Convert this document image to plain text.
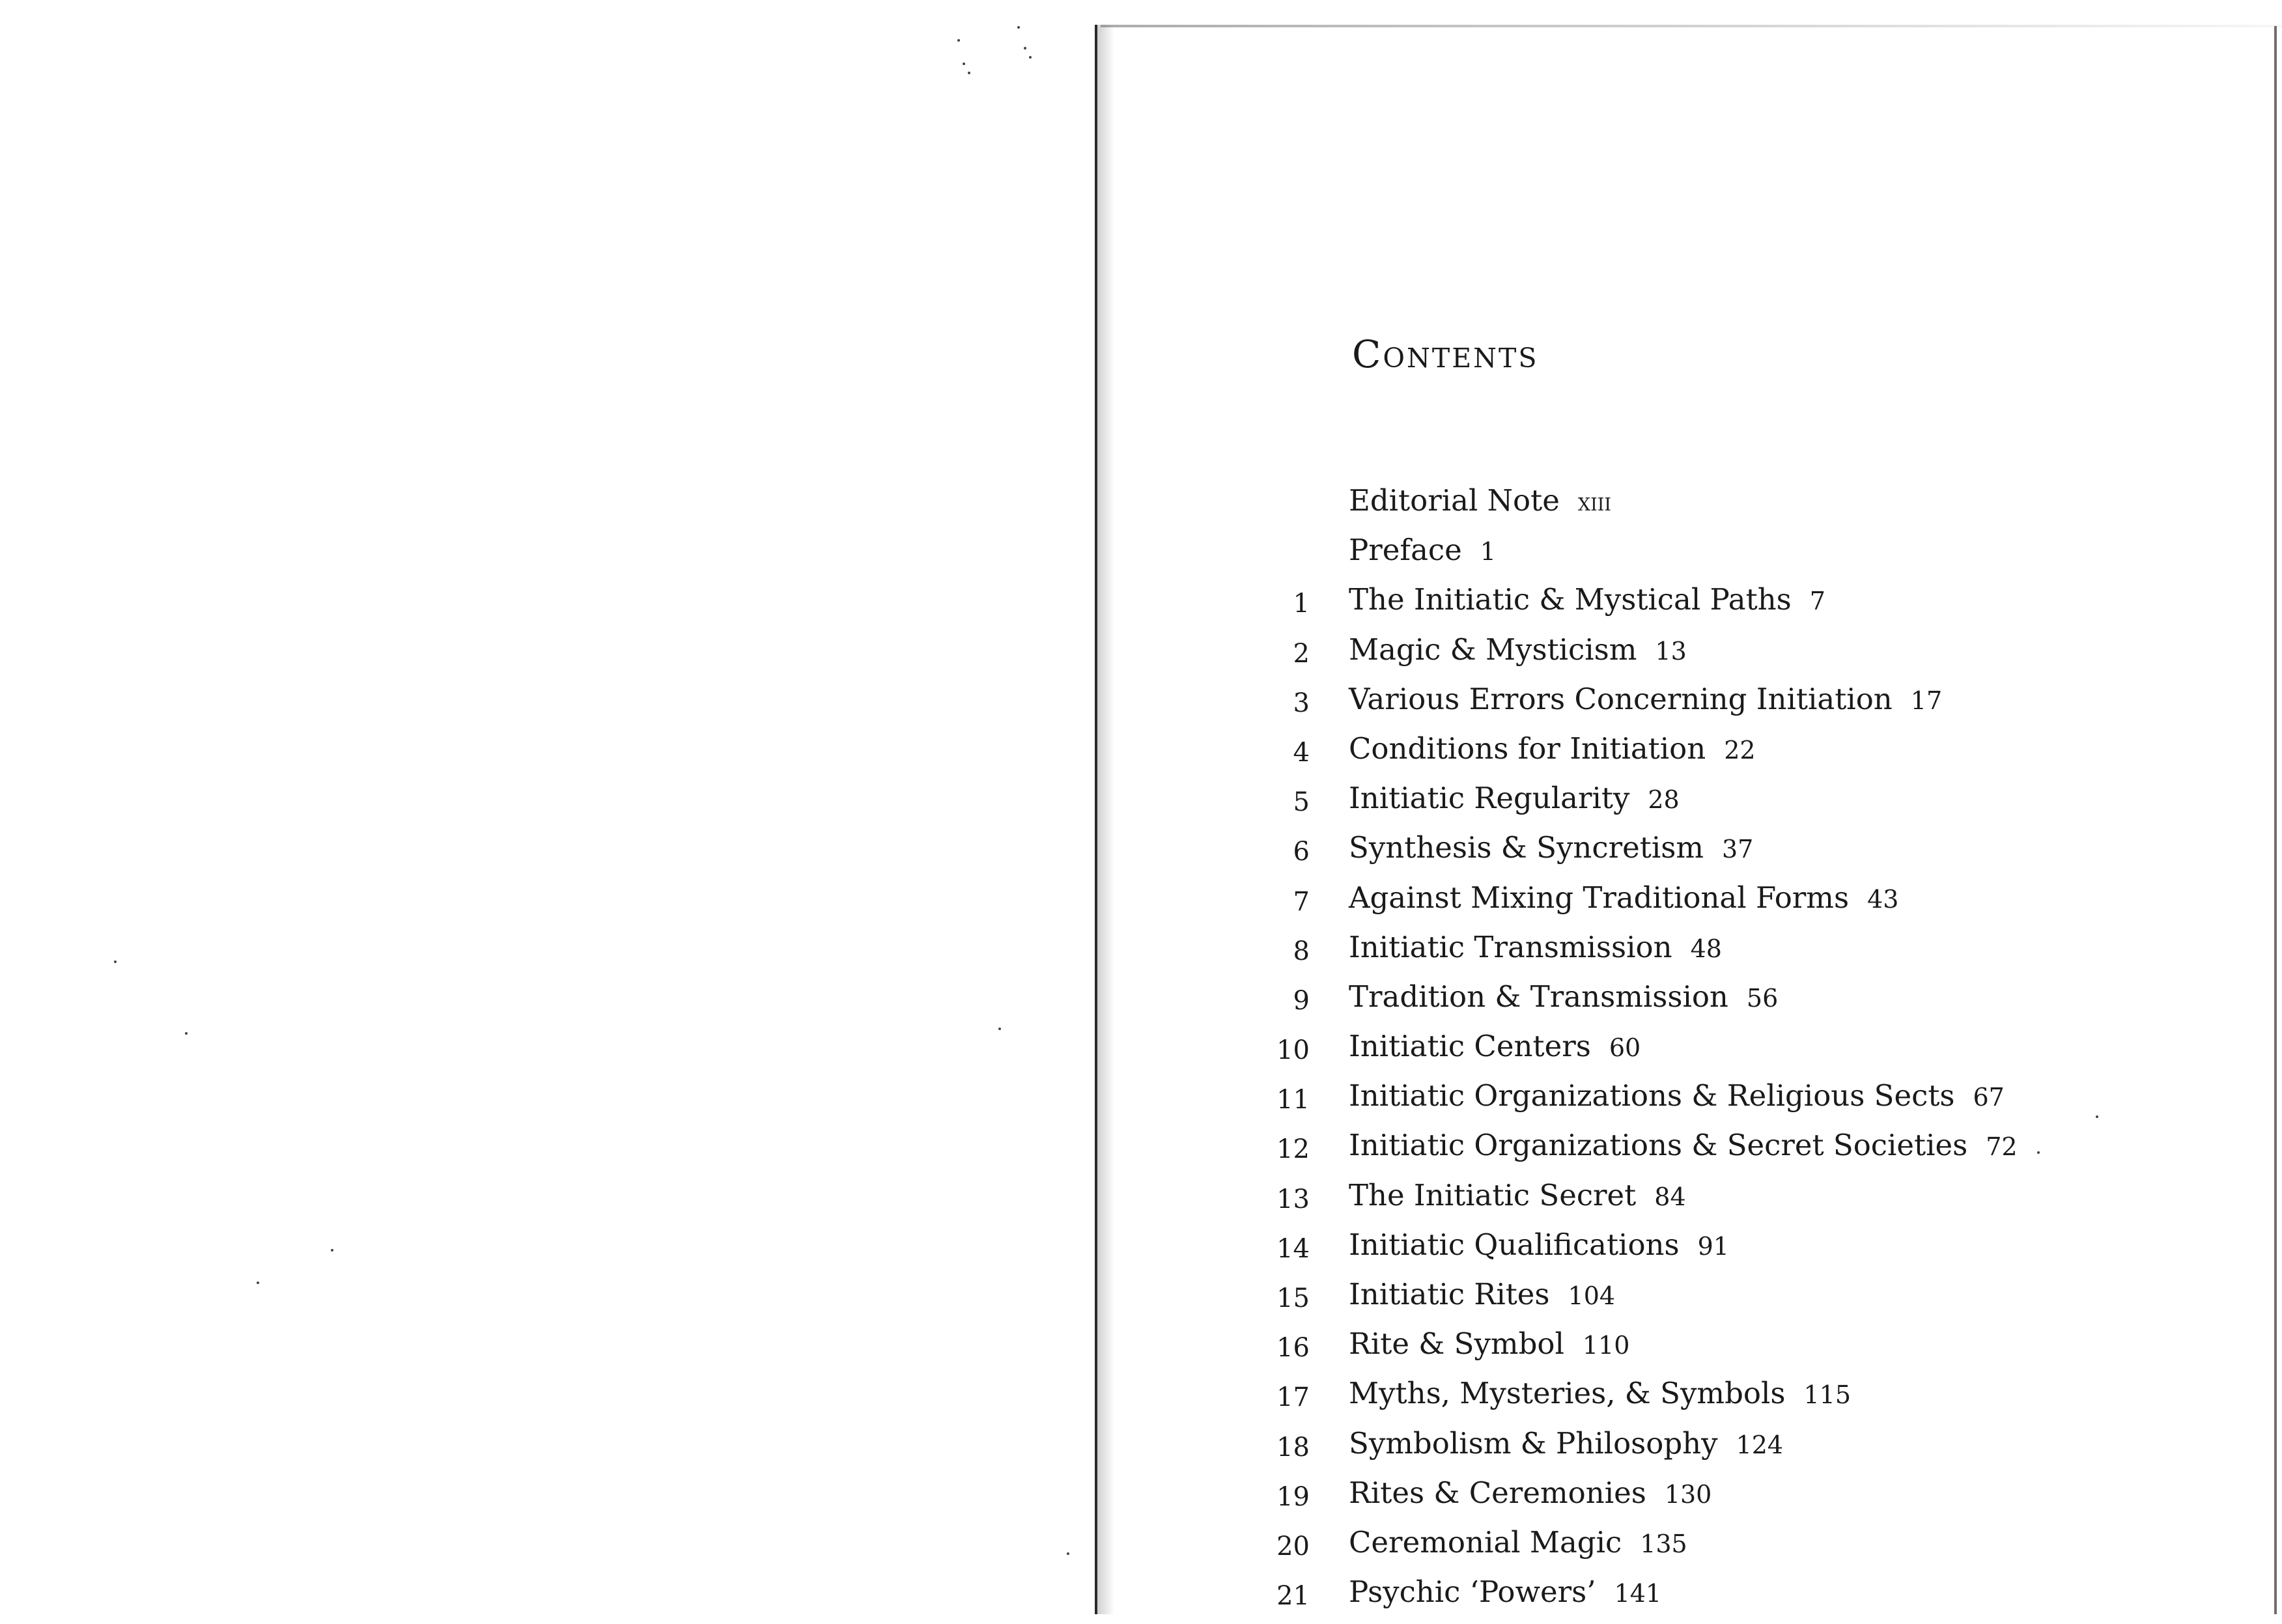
Contents
Editorial Note xiii
Preface 1
1 The Initiatic & Mystical Paths 7
2 Magic & Mysticism 13
3 Various Errors Concerning Initiation 17
4 Conditions for Initiation 22
5 Initiatic Regularity 28
6 Synthesis & Syncretism 37
7 Against Mixing Traditional Forms 43
8 Initiatic Transmission 48
9 Tradition & Transmission 56
10 Initiatic Centers 60
11 Initiatic Organizations & Religious Sects 67
12 Initiatic Organizations & Secret Societies 72
13 The Initiatic Secret 84
14 Initiatic Qualifications 91
15 Initiatic Rites 104
16 Rite & Symbol 110
17 Myths, Mysteries, & Symbols 115
18 Symbolism & Philosophy 124
19 Rites & Ceremonies 130
20 Ceremonial Magic 135
21 Psychic ‘Powers’ 141
